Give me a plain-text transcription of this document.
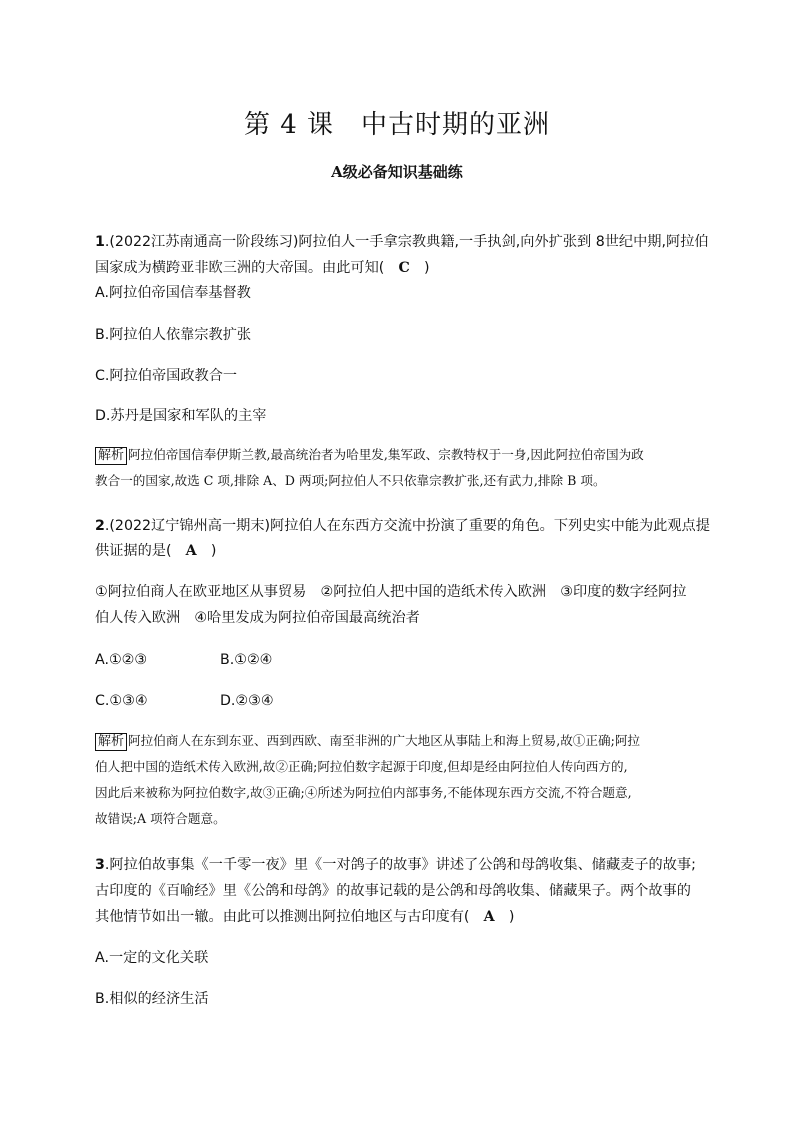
第 4 课　中古时期的亚洲
A级必备知识基础练
1.(2022江苏南通高一阶段练习)阿拉伯人一手拿宗教典籍,一手执剑,向外扩张到 8世纪中期,阿拉伯
国家成为横跨亚非欧三洲的大帝国。由此可知(　C　)
A.阿拉伯帝国信奉基督教
B.阿拉伯人依靠宗教扩张
C.阿拉伯帝国政教合一
D.苏丹是国家和军队的主宰
解析 阿拉伯帝国信奉伊斯兰教,最高统治者为哈里发,集军政、宗教特权于一身,因此阿拉伯帝国为政
教合一的国家,故选 C 项,排除 A、D 两项;阿拉伯人不只依靠宗教扩张,还有武力,排除 B 项。
2.(2022辽宁锦州高一期末)阿拉伯人在东西方交流中扮演了重要的角色。下列史实中能为此观点提
供证据的是(　A　)
①阿拉伯商人在欧亚地区从事贸易　②阿拉伯人把中国的造纸术传入欧洲　③印度的数字经阿拉
伯人传入欧洲　④哈里发成为阿拉伯帝国最高统治者
A.①②③	B.①②④
C.①③④	D.②③④
解析 阿拉伯商人在东到东亚、西到西欧、南至非洲的广大地区从事陆上和海上贸易,故①正确;阿拉
伯人把中国的造纸术传入欧洲,故②正确;阿拉伯数字起源于印度,但却是经由阿拉伯人传向西方的,
因此后来被称为阿拉伯数字,故③正确;④所述为阿拉伯内部事务,不能体现东西方交流,不符合题意,
故错误;A 项符合题意。
3.阿拉伯故事集《一千零一夜》里《一对鸽子的故事》讲述了公鸽和母鸽收集、储藏麦子的故事;
古印度的《百喻经》里《公鸽和母鸽》的故事记载的是公鸽和母鸽收集、储藏果子。两个故事的
其他情节如出一辙。由此可以推测出阿拉伯地区与古印度有(　A　)
A.一定的文化关联
B.相似的经济生活
